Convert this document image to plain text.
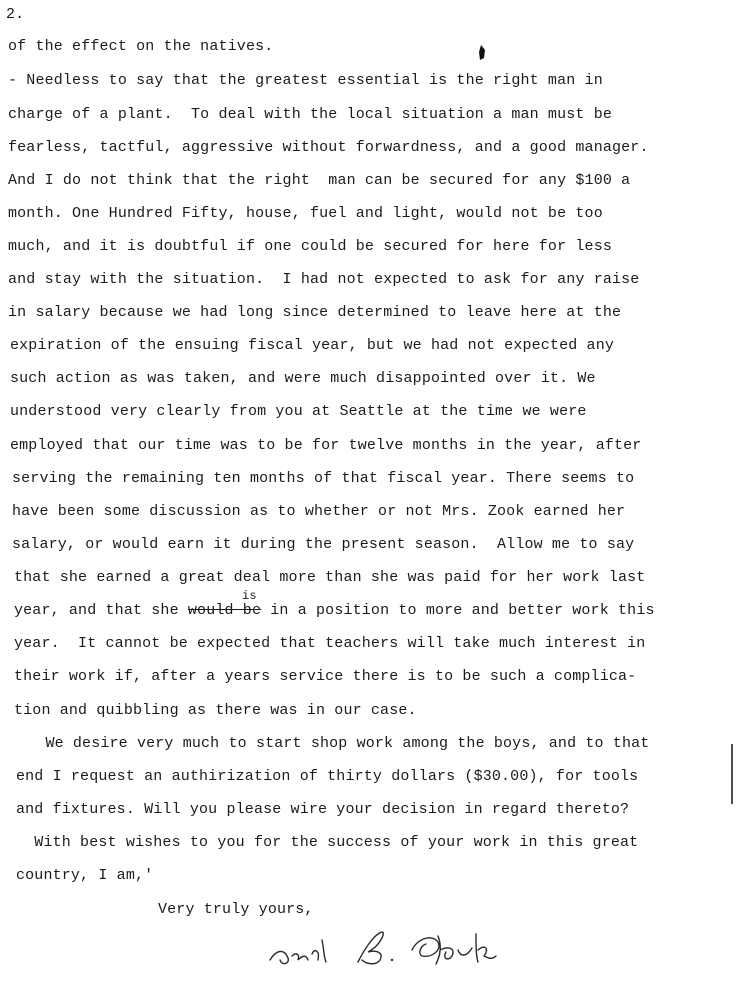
2.
of the effect on the natives.
- Needless to say that the greatest essential is the right man in
charge of a plant.  To deal with the local situation a man must be
fearless, tactful, aggressive without forwardness, and a good manager.
And I do not think that the right  man can be secured for any $100 a
month. One Hundred Fifty, house, fuel and light, would not be too
much, and it is doubtful if one could be secured for here for less
and stay with the situation.  I had not expected to ask for any raise
in salary because we had long since determined to leave here at the
expiration of the ensuing fiscal year, but we had not expected any
such action as was taken, and were much disappointed over it. We
understood very clearly from you at Seattle at the time we were
employed that our time was to be for twelve months in the year, after
serving the remaining ten months of that fiscal year. There seems to
have been some discussion as to whether or not Mrs. Zook earned her
salary, or would earn it during the present season.  Allow me to say
that she earned a great deal more than she was paid for her work last
is
year, and that she would be in a position to more and better work this
year.  It cannot be expected that teachers will take much interest in
their work if, after a years service there is to be such a complica-
tion and quibbling as there was in our case.
We desire very much to start shop work among the boys, and to that
end I request an authirization of thirty dollars ($30.00), for tools
and fixtures. Will you please wire your decision in regard thereto?
With best wishes to you for the success of your work in this great
country, I am,'
Very truly yours,
